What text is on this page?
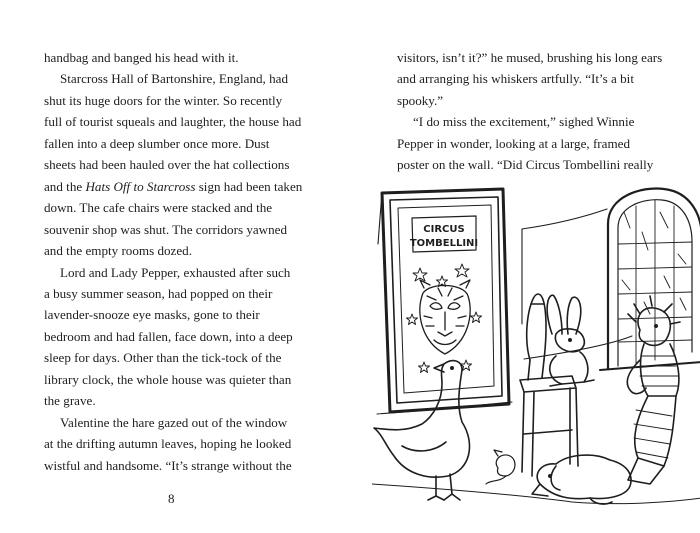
handbag and banged his head with it.
Starcross Hall of Bartonshire, England, had
shut its huge doors for the winter. So recently
full of tourist squeals and laughter, the house had
fallen into a deep slumber once more. Dust
sheets had been hauled over the hat collections
and the Hats Off to Starcross sign had been taken
down. The cafe chairs were stacked and the
souvenir shop was shut. The corridors yawned
and the empty rooms dozed.
Lord and Lady Pepper, exhausted after such
a busy summer season, had popped on their
lavender-snooze eye masks, gone to their
bedroom and had fallen, face down, into a deep
sleep for days. Other than the tick-tock of the
library clock, the whole house was quieter than
the grave.
Valentine the hare gazed out of the window
at the drifting autumn leaves, hoping he looked
wistful and handsome. “It’s strange without the
8
visitors, isn’t it?” he mused, brushing his long ears
and arranging his whiskers artfully. “It’s a bit
spooky.”
“I do miss the excitement,” sighed Winnie
Pepper in wonder, looking at a large, framed
poster on the wall. “Did Circus Tombellini really
CIRCUS
TOMBELLINI
